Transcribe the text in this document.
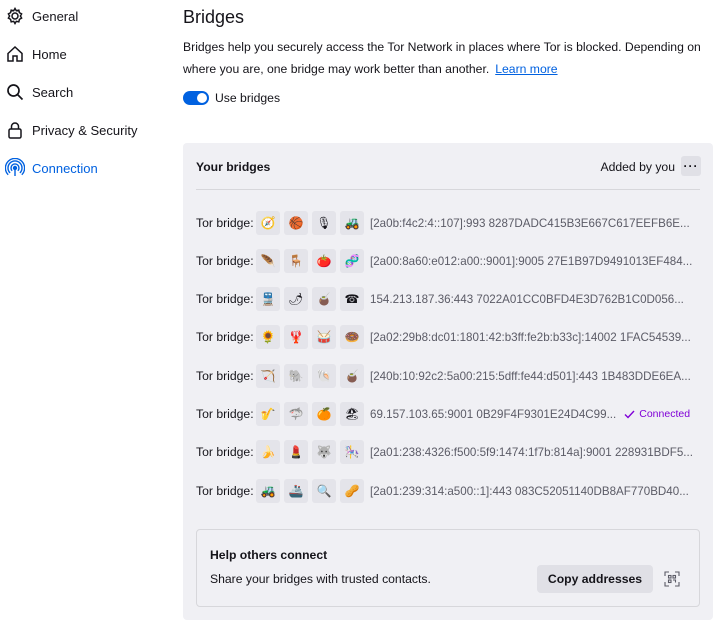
General
Home
Search
Privacy & Security
Connection
Bridges

Bridges help you securely access the Tor Network in places where Tor is blocked. Depending on where you are, one bridge may work better than another. Learn more

Use bridges
Your bridges	Added by you ···
Tor bridge: 🧭	🏀	🎙	🚜 [2a0b:f4c2:4::107]:993 8287DADC415B3E667C617EEFB6E...
Tor bridge: 🪶	🪑	🍅	🧬 [2a00:8a60:e012:a00::9001]:9005 27E1B97D9491013EF484...
Tor bridge: 🚆	🌶	🧉	☎ 154.213.187.36:443 7022A01CC0BFD4E3D762B1C0D056...
Tor bridge: 🌻	🦞	🥁	🍩 [2a02:29b8:dc01:1801:42:b3ff:fe2b:b33c]:14002 1FAC54539...
Tor bridge: 🏹	🐘	🐚	🧉 [240b:10:92c2:5a00:215:5dff:fe44:d501]:443 1B483DDE6EA...
Tor bridge: 🎷	🦈	🍊	🏖 69.157.103.65:9001 0B29F4F9301E24D4C99... Connected
Tor bridge: 🍌	💄	🐺	🎠 [2a01:238:4326:f500:5f9:1474:1f7b:814a]:9001 228931BDF5...
Tor bridge: 🚜	🚢	🔍	🥜 [2a01:239:314:a500::1]:443 083C52051140DB8AF770BD40...
Help others connect
Share your bridges with trusted contacts.	Copy addresses
